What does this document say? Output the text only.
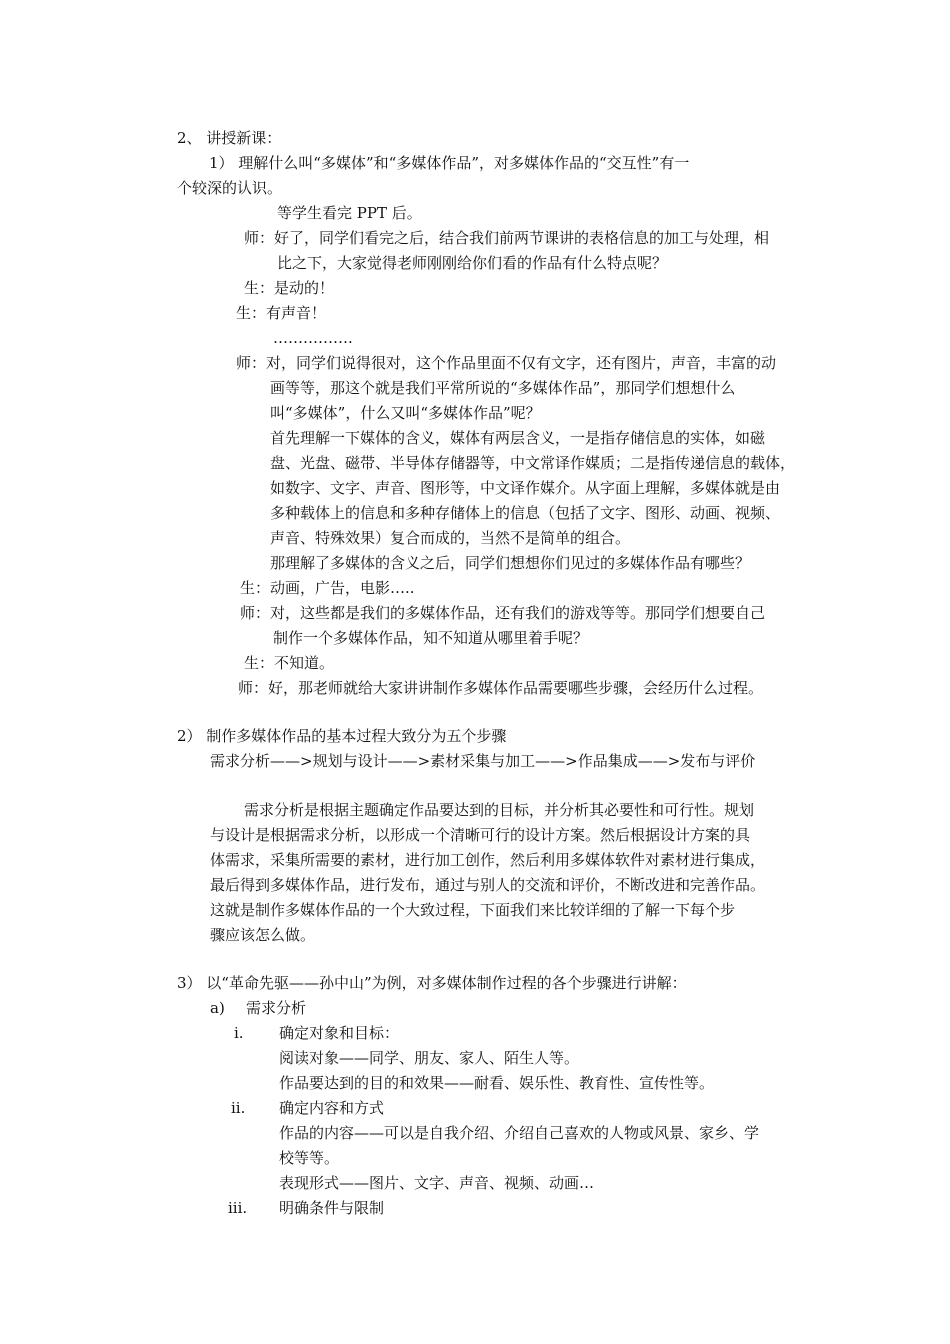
2、 讲授新课：
1） 理解什么叫“多媒体”和“多媒体作品”，对多媒体作品的“交互性”有一
个较深的认识。
等学生看完 PPT 后。
师：好了，同学们看完之后，结合我们前两节课讲的表格信息的加工与处理，相
比之下，大家觉得老师刚刚给你们看的作品有什么特点呢？
生：是动的！
生：有声音！
…………….
师：对，同学们说得很对，这个作品里面不仅有文字，还有图片，声音，丰富的动
画等等，那这个就是我们平常所说的“多媒体作品”，那同学们想想什么
叫“多媒体”，什么又叫“多媒体作品”呢？
首先理解一下媒体的含义，媒体有两层含义，一是指存储信息的实体，如磁
盘、光盘、磁带、半导体存储器等，中文常译作媒质；二是指传递信息的载体，
如数字、文字、声音、图形等，中文译作媒介。从字面上理解，多媒体就是由
多种载体上的信息和多种存储体上的信息（包括了文字、图形、动画、视频、
声音、特殊效果）复合而成的，当然不是简单的组合。
那理解了多媒体的含义之后，同学们想想你们见过的多媒体作品有哪些？
生：动画，广告，电影…..
师：对，这些都是我们的多媒体作品，还有我们的游戏等等。那同学们想要自己
制作一个多媒体作品，知不知道从哪里着手呢？
生：不知道。
师：好，那老师就给大家讲讲制作多媒体作品需要哪些步骤，会经历什么过程。
2） 制作多媒体作品的基本过程大致分为五个步骤
需求分析——>规划与设计——>素材采集与加工——>作品集成——>发布与评价
需求分析是根据主题确定作品要达到的目标，并分析其必要性和可行性。规划
与设计是根据需求分析，以形成一个清晰可行的设计方案。然后根据设计方案的具
体需求，采集所需要的素材，进行加工创作，然后利用多媒体软件对素材进行集成，
最后得到多媒体作品，进行发布，通过与别人的交流和评价，不断改进和完善作品。
这就是制作多媒体作品的一个大致过程，下面我们来比较详细的了解一下每个步
骤应该怎么做。
3） 以“革命先驱——孙中山”为例，对多媒体制作过程的各个步骤进行讲解：
a) 需求分析
i. 确定对象和目标：
阅读对象——同学、朋友、家人、陌生人等。
作品要达到的目的和效果——耐看、娱乐性、教育性、宣传性等。
ii. 确定内容和方式
作品的内容——可以是自我介绍、介绍自己喜欢的人物或风景、家乡、学
校等等。
表现形式——图片、文字、声音、视频、动画…
iii. 明确条件与限制
